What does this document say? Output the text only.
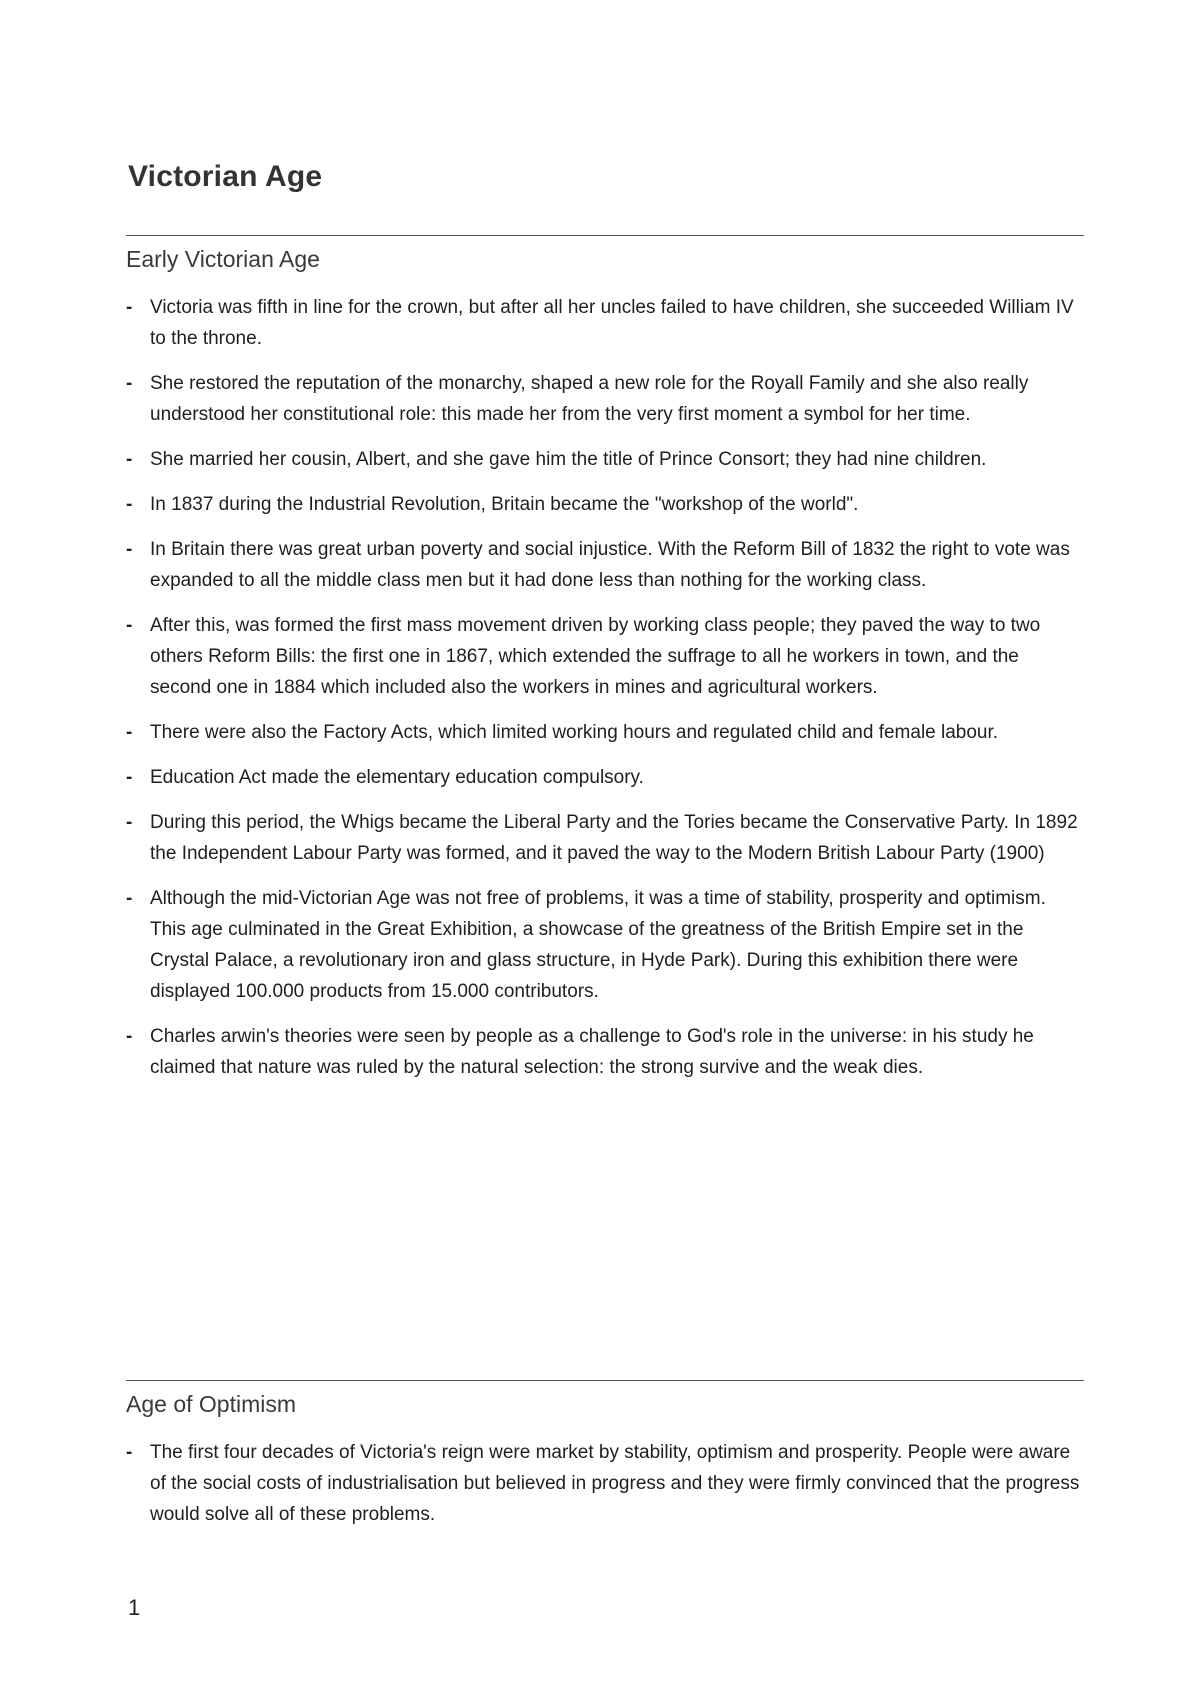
Victorian Age
Early Victorian Age
- Victoria was fifth in line for the crown, but after all her uncles failed to have children, she succeeded William IV to the throne.
- She restored the reputation of the monarchy, shaped a new role for the Royall Family and she also really understood her constitutional role: this made her from the very first moment a symbol for her time.
- She married her cousin, Albert, and she gave him the title of Prince Consort; they had nine children.
- In 1837 during the Industrial Revolution, Britain became the "workshop of the world".
- In Britain there was great urban poverty and social injustice. With the Reform Bill of 1832 the right to vote was expanded to all the middle class men but it had done less than nothing for the working class.
- After this, was formed the first mass movement driven by working class people; they paved the way to two others Reform Bills: the first one in 1867, which extended the suffrage to all he workers in town, and the second one in 1884 which included also the workers in mines and agricultural workers.
- There were also the Factory Acts, which limited working hours and regulated child and female labour.
- Education Act made the elementary education compulsory.
- During this period, the Whigs became the Liberal Party and the Tories became the Conservative Party. In 1892 the Independent Labour Party was formed, and it paved the way to the Modern British Labour Party (1900)
- Although the mid-Victorian Age was not free of problems, it was a time of stability, prosperity and optimism. This age culminated in the Great Exhibition, a showcase of the greatness of the British Empire set in the Crystal Palace, a revolutionary iron and glass structure, in Hyde Park). During this exhibition there were displayed 100.000 products from 15.000 contributors.
- Charles arwin's theories were seen by people as a challenge to God's role in the universe: in his study he claimed that nature was ruled by the natural selection: the strong survive and the weak dies.
Age of Optimism
- The first four decades of Victoria's reign were market by stability, optimism and prosperity. People were aware of the social costs of industrialisation but believed in progress and they were firmly convinced that the progress would solve all of these problems.
1
